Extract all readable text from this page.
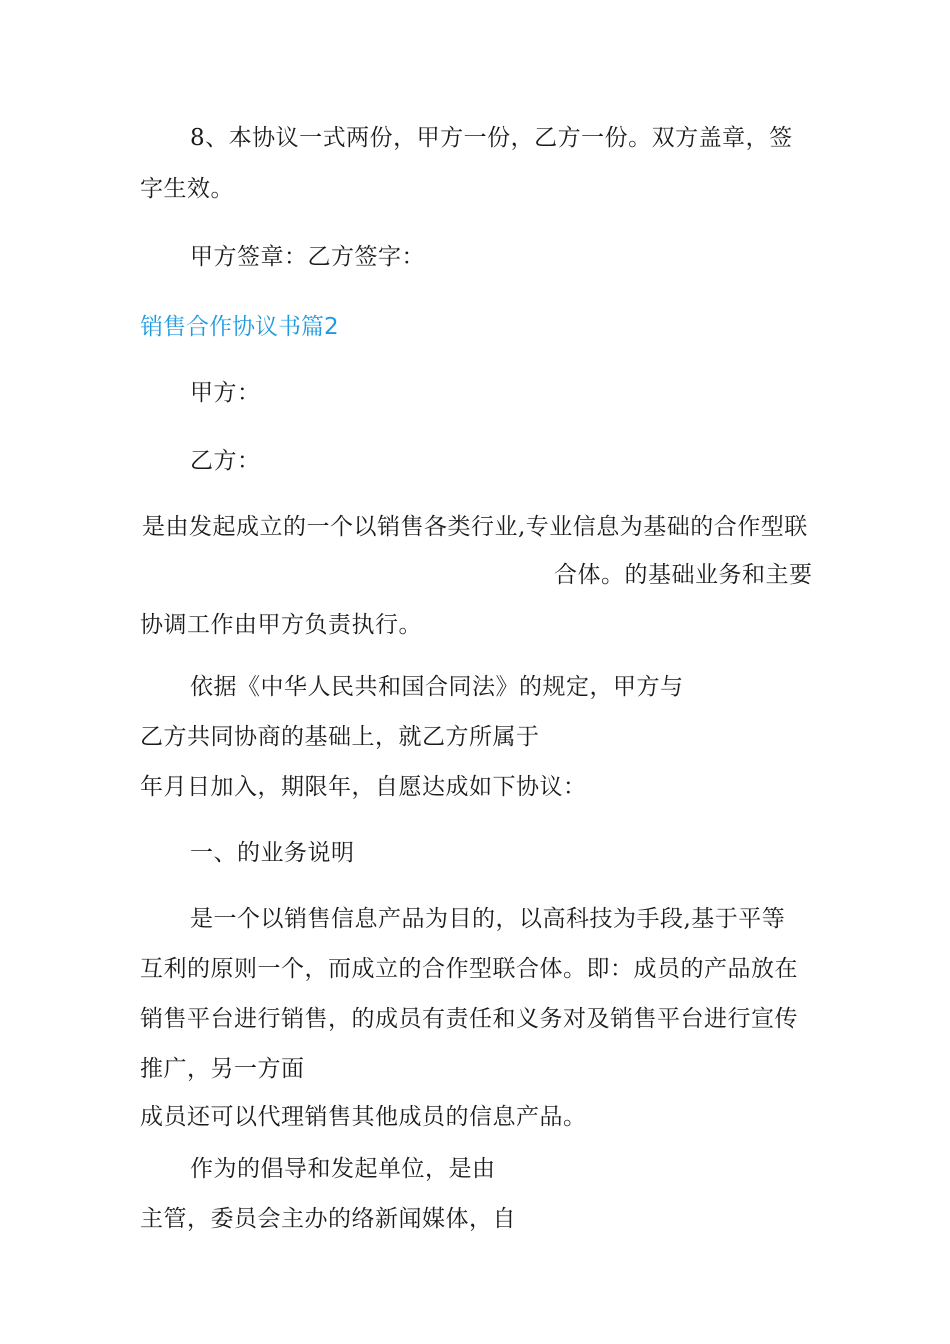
8、本协议一式两份，甲方一份，乙方一份。双方盖章，签
字生效。
甲方签章：乙方签字：
销售合作协议书篇2
甲方：
乙方：
是由发起成立的一个以销售各类行业,专业信息为基础的合作型联
合体。的基础业务和主要
协调工作由甲方负责执行。
依据《中华人民共和国合同法》的规定，甲方与
乙方共同协商的基础上，就乙方所属于
年月日加入，期限年，自愿达成如下协议：
一、的业务说明
是一个以销售信息产品为目的，以高科技为手段,基于平等
互利的原则一个，而成立的合作型联合体。即：成员的产品放在
销售平台进行销售，的成员有责任和义务对及销售平台进行宣传
推广，另一方面
成员还可以代理销售其他成员的信息产品。
作为的倡导和发起单位，是由
主管，委员会主办的络新闻媒体，自
